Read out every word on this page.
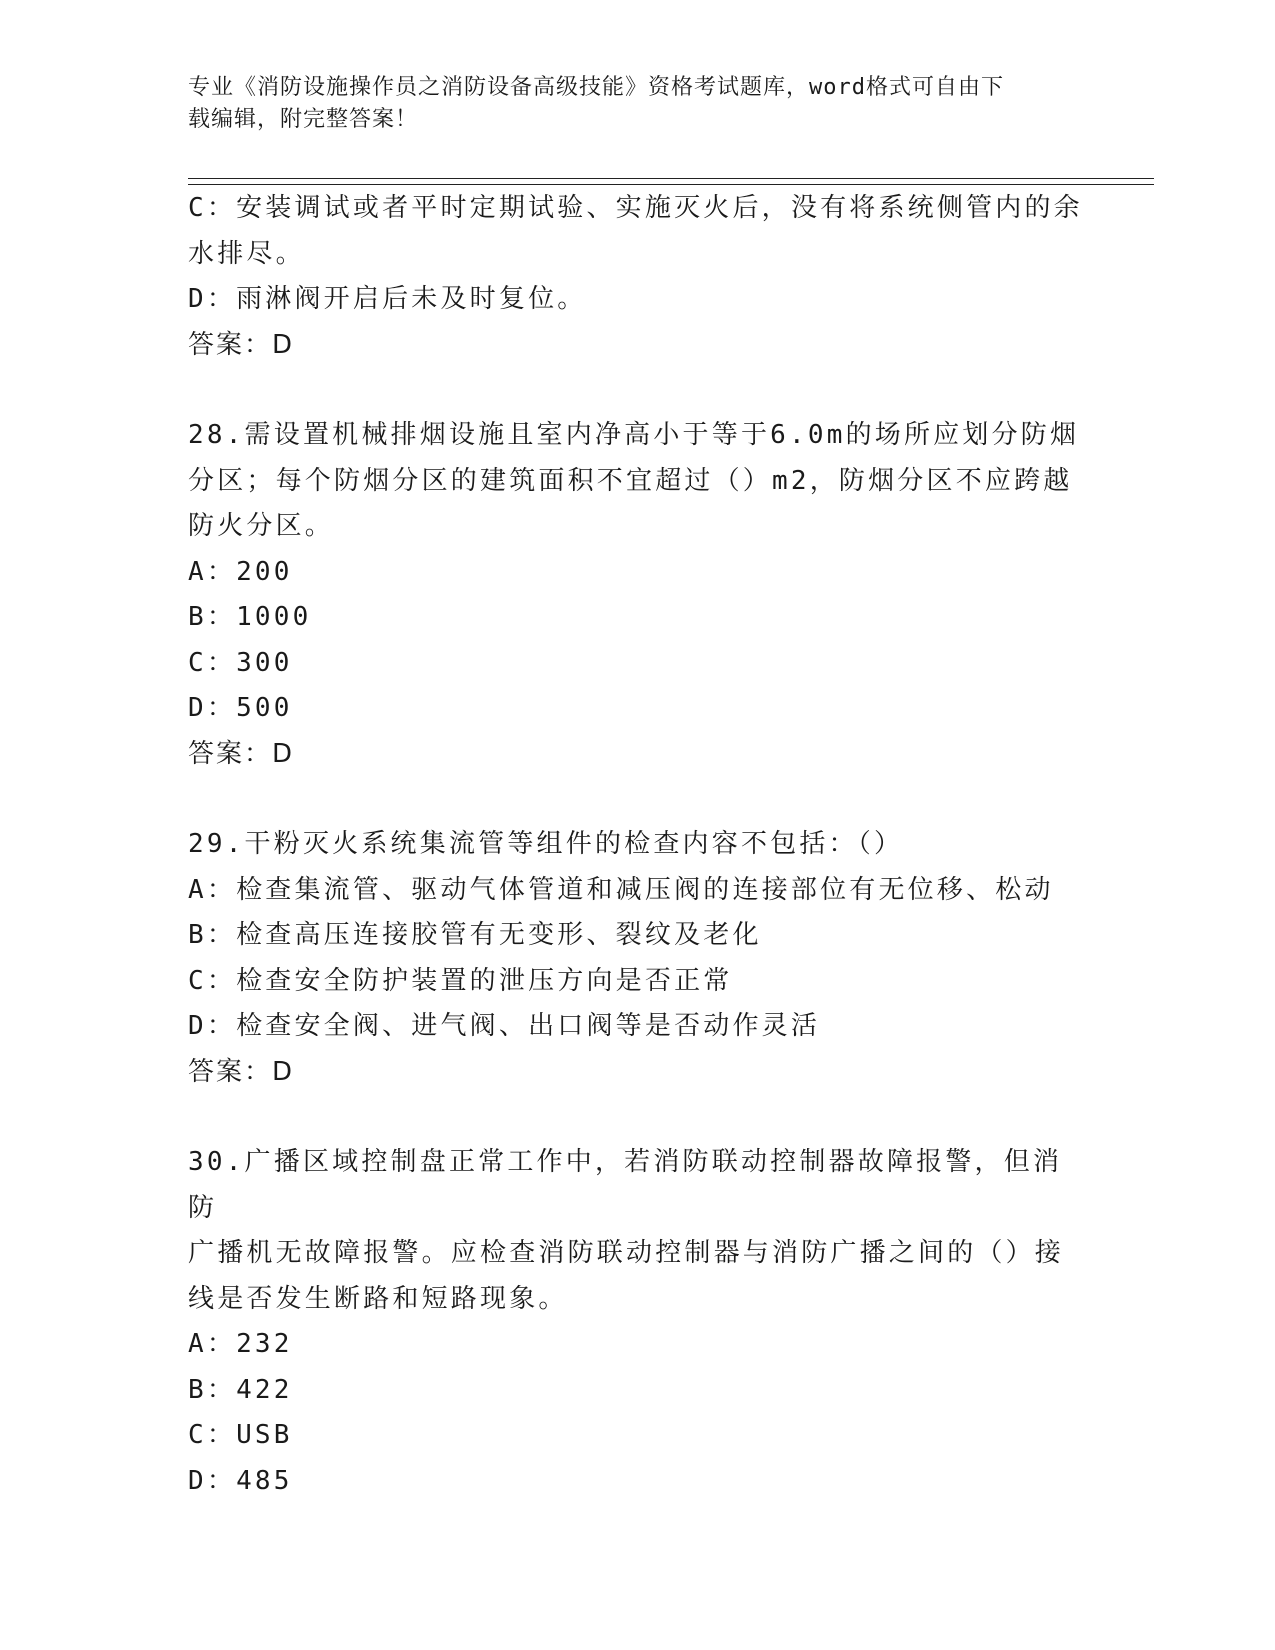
专业《消防设施操作员之消防设备高级技能》资格考试题库，word格式可自由下
载编辑，附完整答案！
C：安装调试或者平时定期试验、实施灭火后，没有将系统侧管内的余
水排尽。
D：雨淋阀开启后未及时复位。
答案：D
28.需设置机械排烟设施且室内净高小于等于6.0m的场所应划分防烟
分区；每个防烟分区的建筑面积不宜超过（）m2，防烟分区不应跨越
防火分区。
A：200
B：1000
C：300
D：500
答案：D
29.干粉灭火系统集流管等组件的检查内容不包括：（）
A：检查集流管、驱动气体管道和减压阀的连接部位有无位移、松动
B：检查高压连接胶管有无变形、裂纹及老化
C：检查安全防护装置的泄压方向是否正常
D：检查安全阀、进气阀、出口阀等是否动作灵活
答案：D
30.广播区域控制盘正常工作中，若消防联动控制器故障报警，但消防
广播机无故障报警。应检查消防联动控制器与消防广播之间的（）接
线是否发生断路和短路现象。
A：232
B：422
C：USB
D：485
